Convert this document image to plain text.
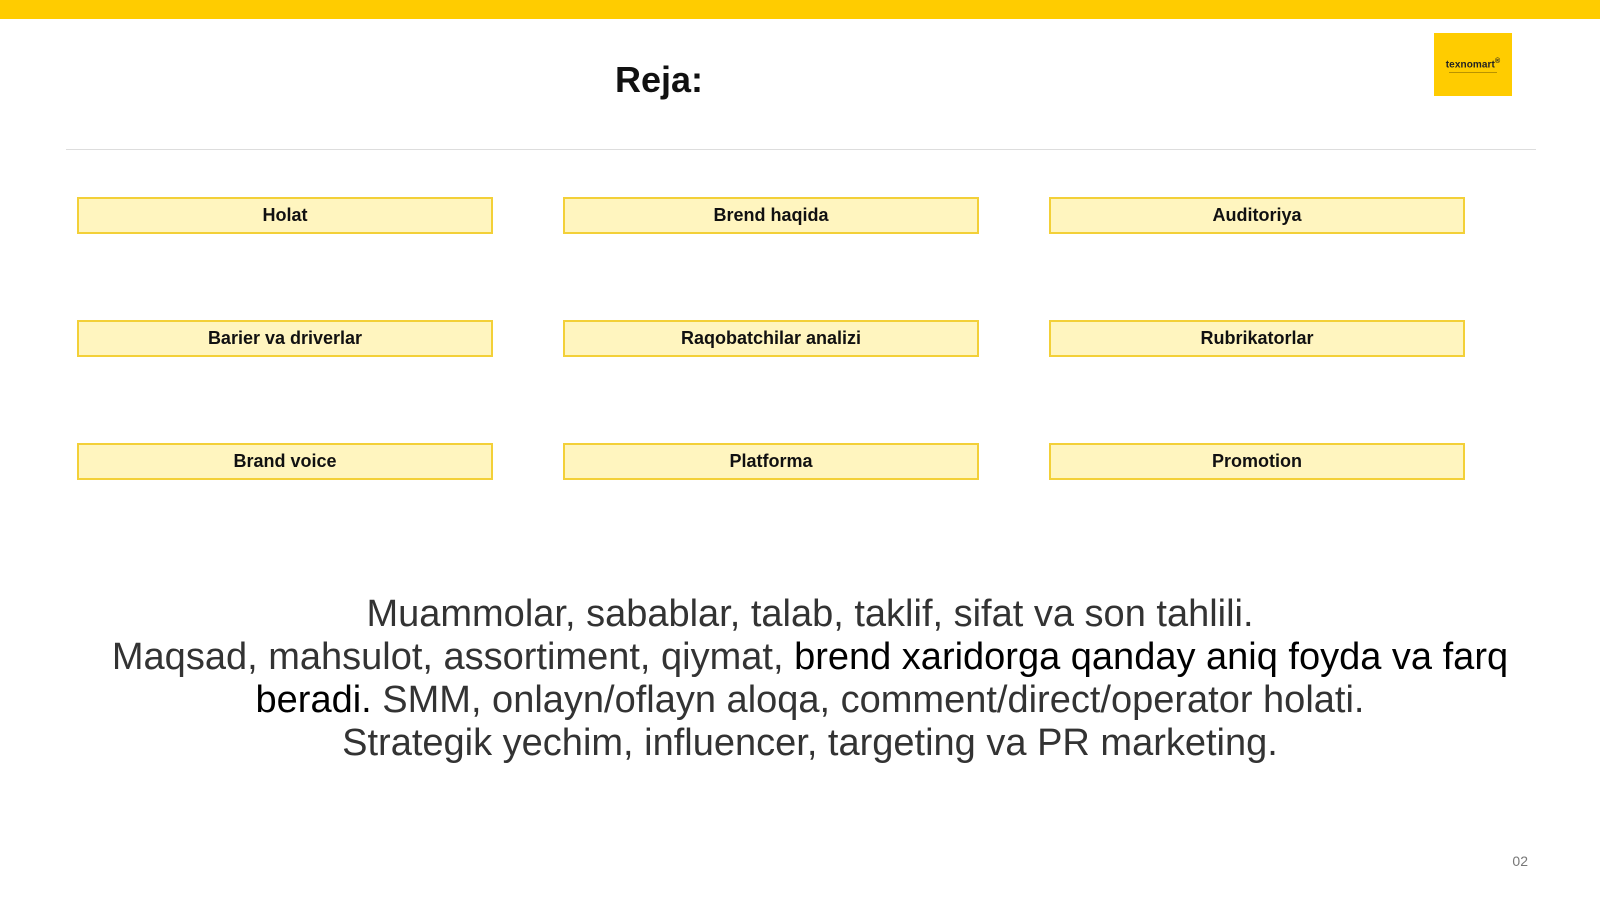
Reja:	texnomart®
Holat	Brend haqida	Auditoriya
Barier va driverlar	Raqobatchilar analizi	Rubrikatorlar
Brand voice	Platforma	Promotion

Muammolar, sabablar, talab, taklif, sifat va son tahlili.
Maqsad, mahsulot, assortiment, qiymat, brend xaridorga qanday aniq foyda va farq beradi. SMM, onlayn/oflayn aloqa, comment/direct/operator holati.
Strategik yechim, influencer, targeting va PR marketing.

02
